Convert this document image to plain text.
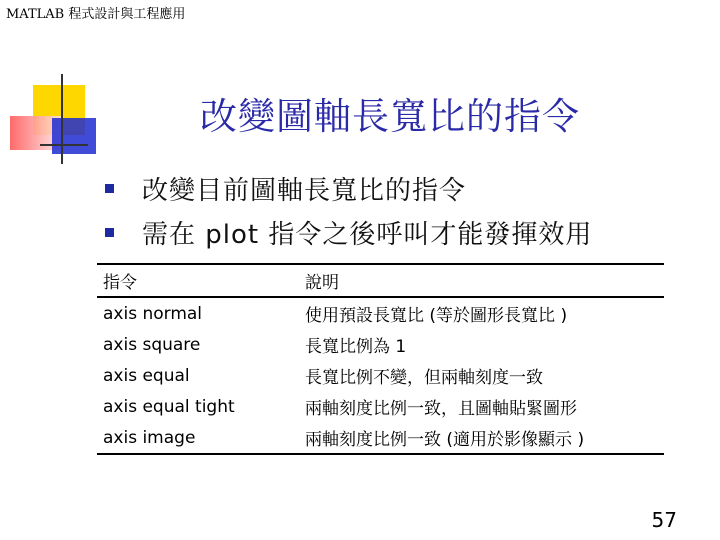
MATLAB 程式設計與工程應用
改變圖軸長寬比的指令
改變目前圖軸長寬比的指令
需在 plot 指令之後呼叫才能發揮效用
指令	說明
axis normal	使用預設長寬比 (等於圖形長寬比 )
axis square	長寬比例為 1
axis equal	長寬比例不變，但兩軸刻度一致
axis equal tight	兩軸刻度比例一致，且圖軸貼緊圖形
axis image	兩軸刻度比例一致 (適用於影像顯示 )
57
